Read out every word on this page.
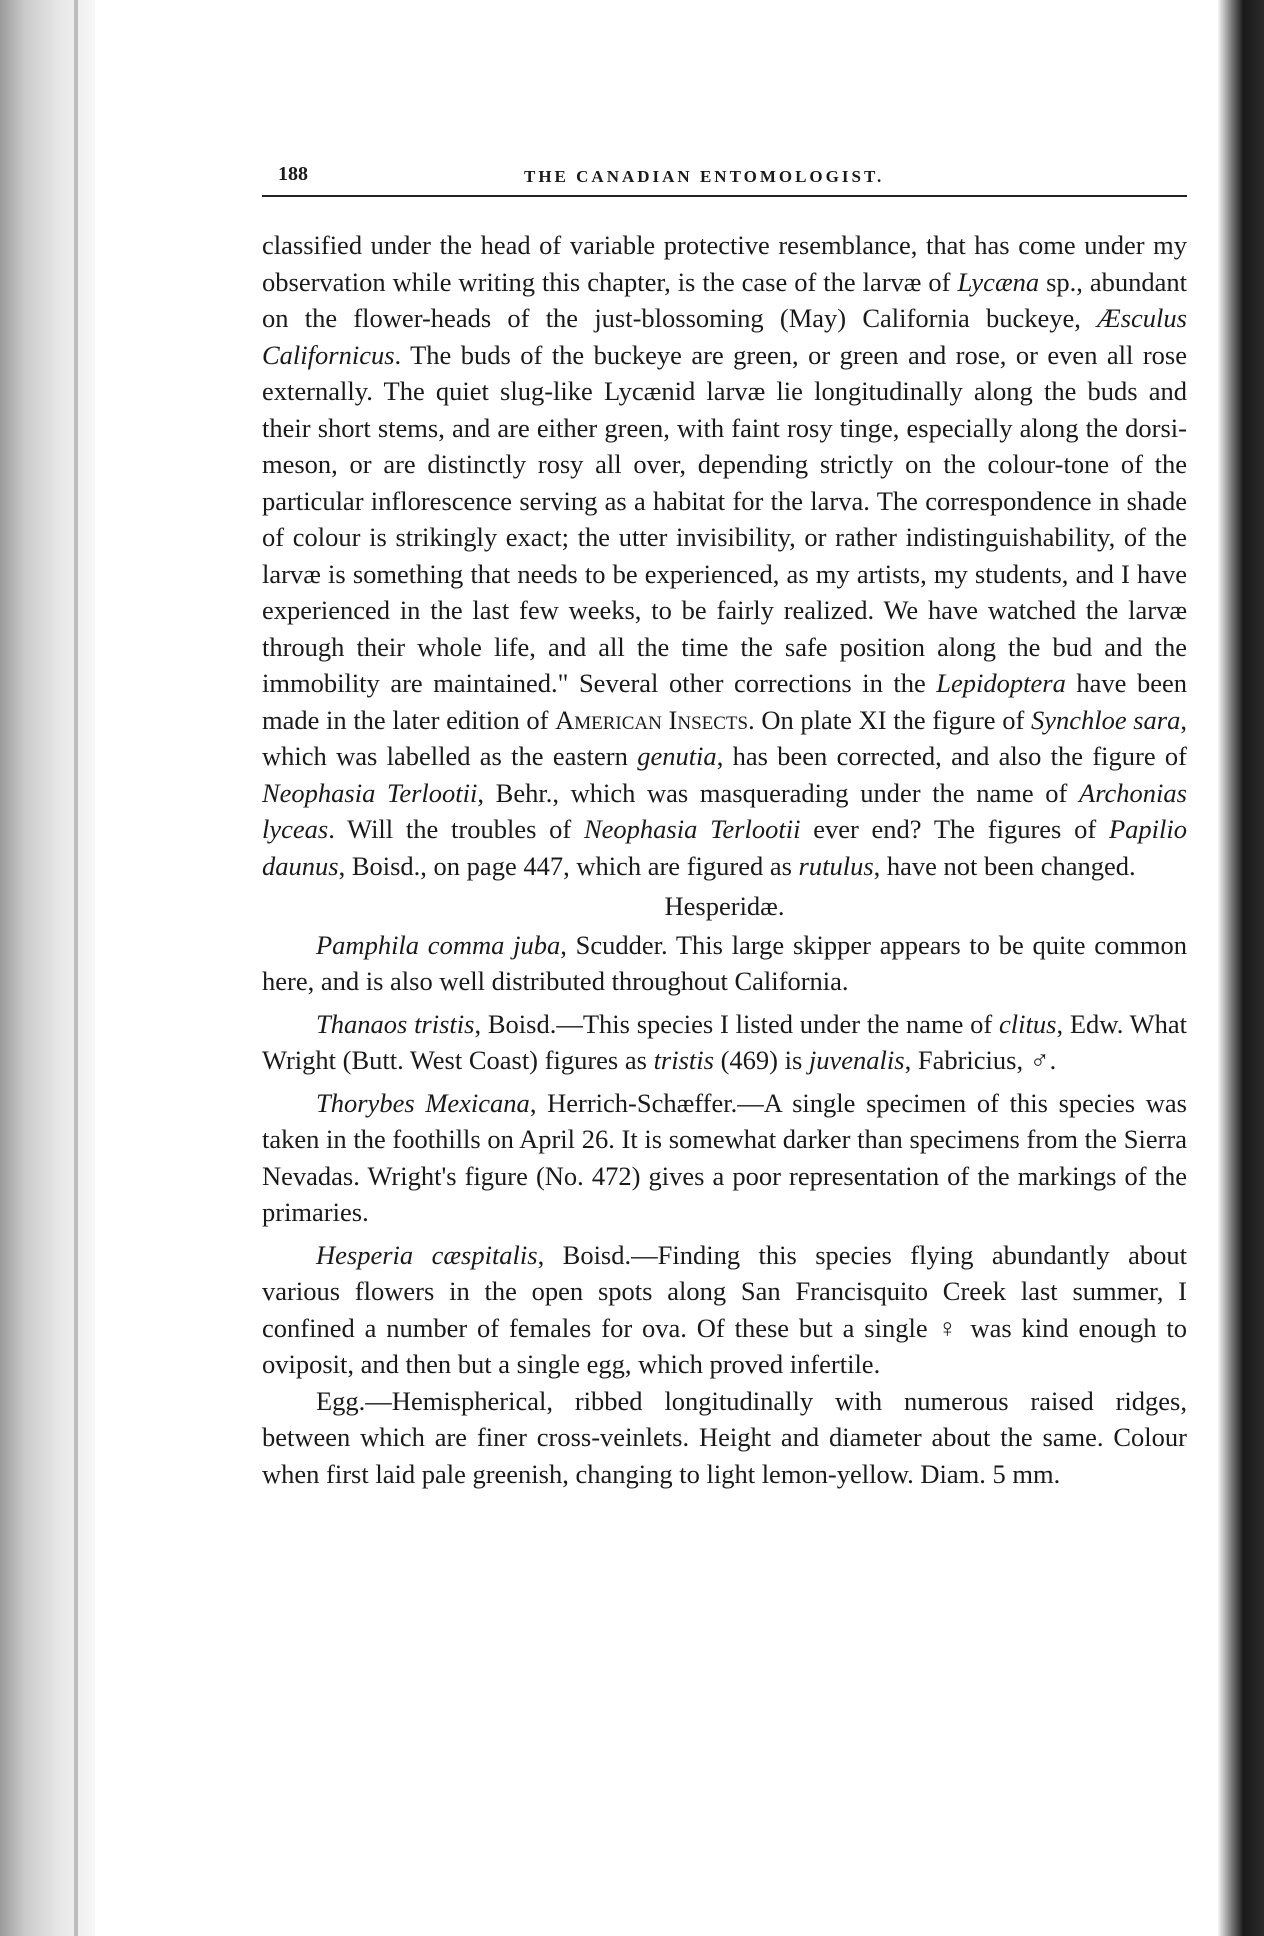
188	THE CANADIAN ENTOMOLOGIST.

classified under the head of variable protective resemblance, that has come under my observation while writing this chapter, is the case of the larvæ of Lycæna sp., abundant on the flower-heads of the just-blossoming (May) California buckeye, Æsculus Californicus. The buds of the buckeye are green, or green and rose, or even all rose externally. The quiet slug-like Lycænid larvæ lie longitudinally along the buds and their short stems, and are either green, with faint rosy tinge, especially along the dorsi-meson, or are distinctly rosy all over, depending strictly on the colour-tone of the particular inflorescence serving as a habitat for the larva. The correspondence in shade of colour is strikingly exact; the utter invisibility, or rather indistinguishability, of the larvæ is something that needs to be experienced, as my artists, my students, and I have experienced in the last few weeks, to be fairly realized. We have watched the larvæ through their whole life, and all the time the safe position along the bud and the immobility are maintained." Several other corrections in the Lepidoptera have been made in the later edition of American Insects. On plate XI the figure of Synchloe sara, which was labelled as the eastern genutia, has been corrected, and also the figure of Neophasia Terlootii, Behr., which was masquerading under the name of Archonias lyceas. Will the troubles of Neophasia Terlootii ever end? The figures of Papilio daunus, Boisd., on page 447, which are figured as rutulus, have not been changed.

Hesperidæ.

Pamphila comma juba, Scudder. This large skipper appears to be quite common here, and is also well distributed throughout California.

Thanaos tristis, Boisd.—This species I listed under the name of clitus, Edw. What Wright (Butt. West Coast) figures as tristis (469) is juvenalis, Fabricius, ♂.

Thorybes Mexicana, Herrich-Schæffer.—A single specimen of this species was taken in the foothills on April 26. It is somewhat darker than specimens from the Sierra Nevadas. Wright's figure (No. 472) gives a poor representation of the markings of the primaries.

Hesperia cæspitalis, Boisd.—Finding this species flying abundantly about various flowers in the open spots along San Francisquito Creek last summer, I confined a number of females for ova. Of these but a single ♀ was kind enough to oviposit, and then but a single egg, which proved infertile.

Egg.—Hemispherical, ribbed longitudinally with numerous raised ridges, between which are finer cross-veinlets. Height and diameter about the same. Colour when first laid pale greenish, changing to light lemon-yellow. Diam. 5 mm.
